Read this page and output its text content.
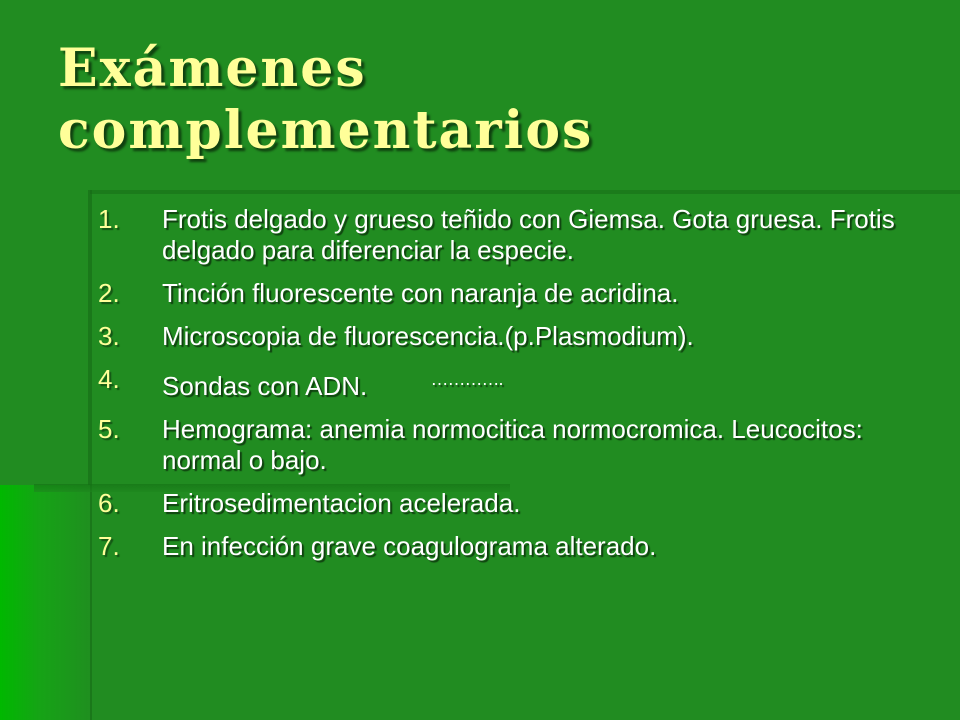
Exámenes complementarios
1. Frotis delgado y grueso teñido con Giemsa. Gota gruesa. Frotis delgado para diferenciar la especie.
2. Tinción fluorescente con naranja de acridina.
3. Microscopia de fluorescencia.(p.Plasmodium).
4. Sondas con ADN.	………….
5. Hemograma: anemia normocitica normocromica. Leucocitos: normal o bajo.
6. Eritrosedimentacion acelerada.
7. En infección grave coagulograma alterado.
